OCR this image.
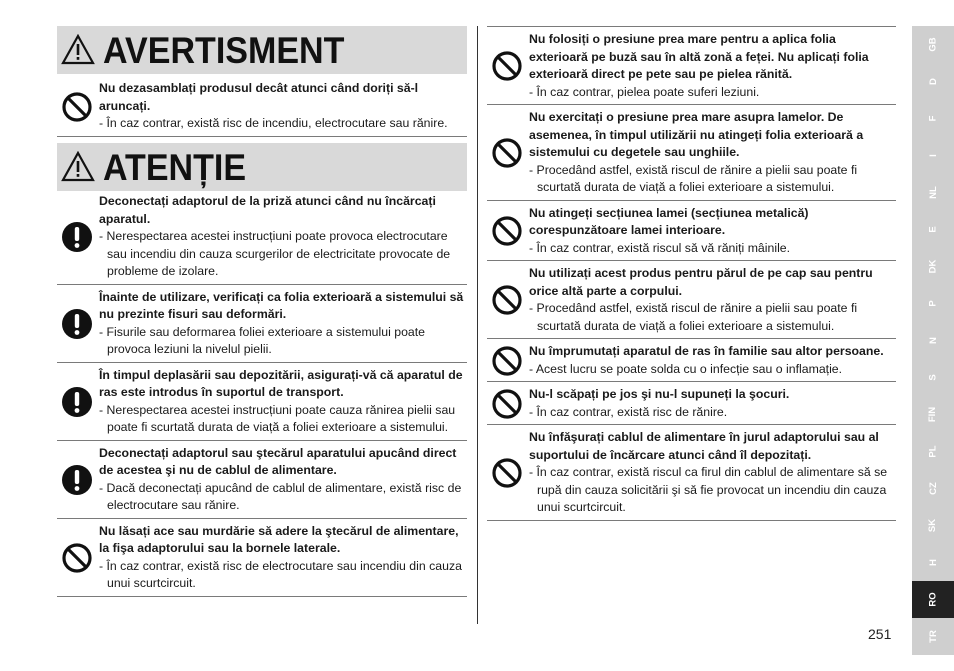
AVERTISMENT
Nu dezasamblați produsul decât atunci când doriți să-l aruncați.
- În caz contrar, există risc de incendiu, electrocutare sau rănire.
ATENȚIE
Deconectați adaptorul de la priză atunci când nu încărcați aparatul.
- Nerespectarea acestei instrucțiuni poate provoca electrocutare sau incendiu din cauza scurgerilor de electricitate provocate de probleme de izolare.
Înainte de utilizare, verificați ca folia exterioară a sistemului să nu prezinte fisuri sau deformări.
- Fisurile sau deformarea foliei exterioare a sistemului poate provoca leziuni la nivelul pielii.
În timpul deplasării sau depozitării, asigurați-vă că aparatul de ras este introdus în suportul de transport.
- Nerespectarea acestei instrucțiuni poate cauza rănirea pielii sau poate fi scurtată durata de viață a foliei exterioare a sistemului.
Deconectați adaptorul sau ştecărul aparatului apucând direct de acestea şi nu de cablul de alimentare.
- Dacă deconectați apucând de cablul de alimentare, există risc de electrocutare sau rănire.
Nu lăsați ace sau murdărie să adere la ştecărul de alimentare, la fişa adaptorului sau la bornele laterale.
- În caz contrar, există risc de electrocutare sau incendiu din cauza unui scurtcircuit.
Nu folosiți o presiune prea mare pentru a aplica folia exterioară pe buză sau în altă zonă a feței. Nu aplicați folia exterioară direct pe pete sau pe pielea rănită.
- În caz contrar, pielea poate suferi leziuni.
Nu exercitați o presiune prea mare asupra lamelor. De asemenea, în timpul utilizării nu atingeți folia exterioară a sistemului cu degetele sau unghiile.
- Procedând astfel, există riscul de rănire a pielii sau poate fi scurtată durata de viață a foliei exterioare a sistemului.
Nu atingeți secțiunea lamei (secțiunea metalică) corespunzătoare lamei interioare.
- În caz contrar, există riscul să vă răniți mâinile.
Nu utilizați acest produs pentru părul de pe cap sau pentru orice altă parte a corpului.
- Procedând astfel, există riscul de rănire a pielii sau poate fi scurtată durata de viață a foliei exterioare a sistemului.
Nu împrumutați aparatul de ras în familie sau altor persoane.
- Acest lucru se poate solda cu o infecție sau o inflamație.
Nu-l scăpați pe jos şi nu-l supuneți la şocuri.
- În caz contrar, există risc de rănire.
Nu înfăşurați cablul de alimentare în jurul adaptorului sau al suportului de încărcare atunci când îl depozitați.
- În caz contrar, există riscul ca firul din cablul de alimentare să se rupă din cauza solicitării şi să fie provocat un incendiu din cauza unui scurtcircuit.
GB
D
F
I
NL
E
DK
P
N
S
FIN
PL
CZ
SK
H
RO
TR
251
